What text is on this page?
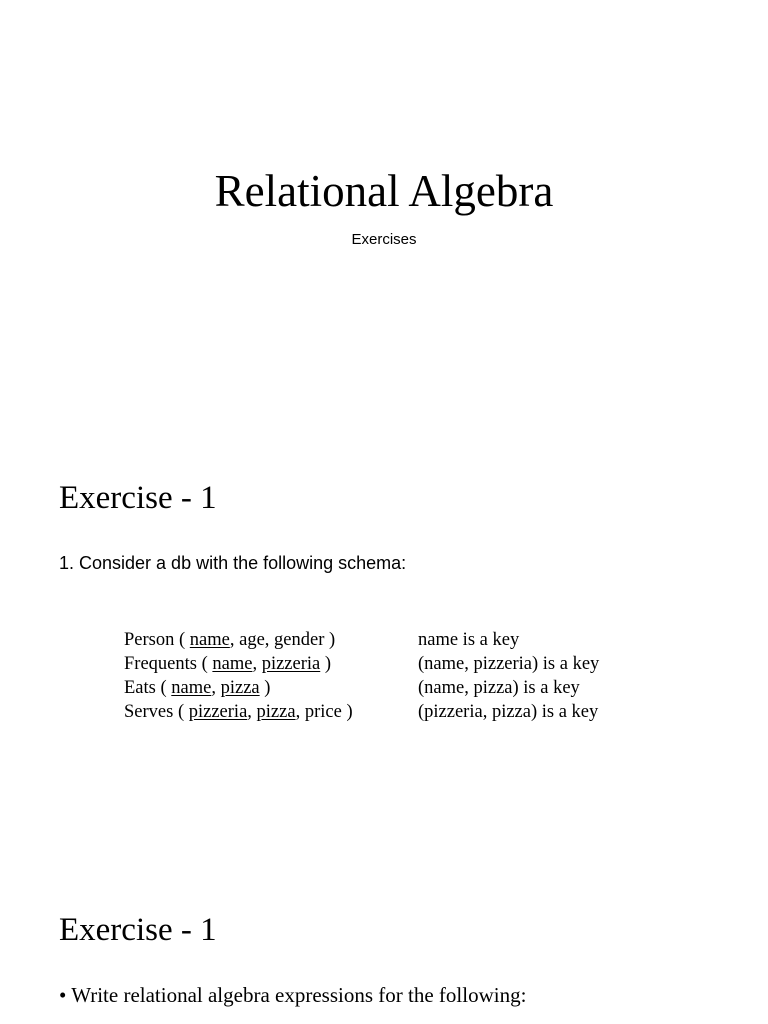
Relational Algebra
Exercises
Exercise - 1
1. Consider a db with the following schema:
Person ( name, age, gender )	name is a key
Frequents ( name, pizzeria )	(name, pizzeria) is a key
Eats ( name, pizza )	(name, pizza) is a key
Serves ( pizzeria, pizza, price )	(pizzeria, pizza) is a key
Exercise - 1
• Write relational algebra expressions for the following:
